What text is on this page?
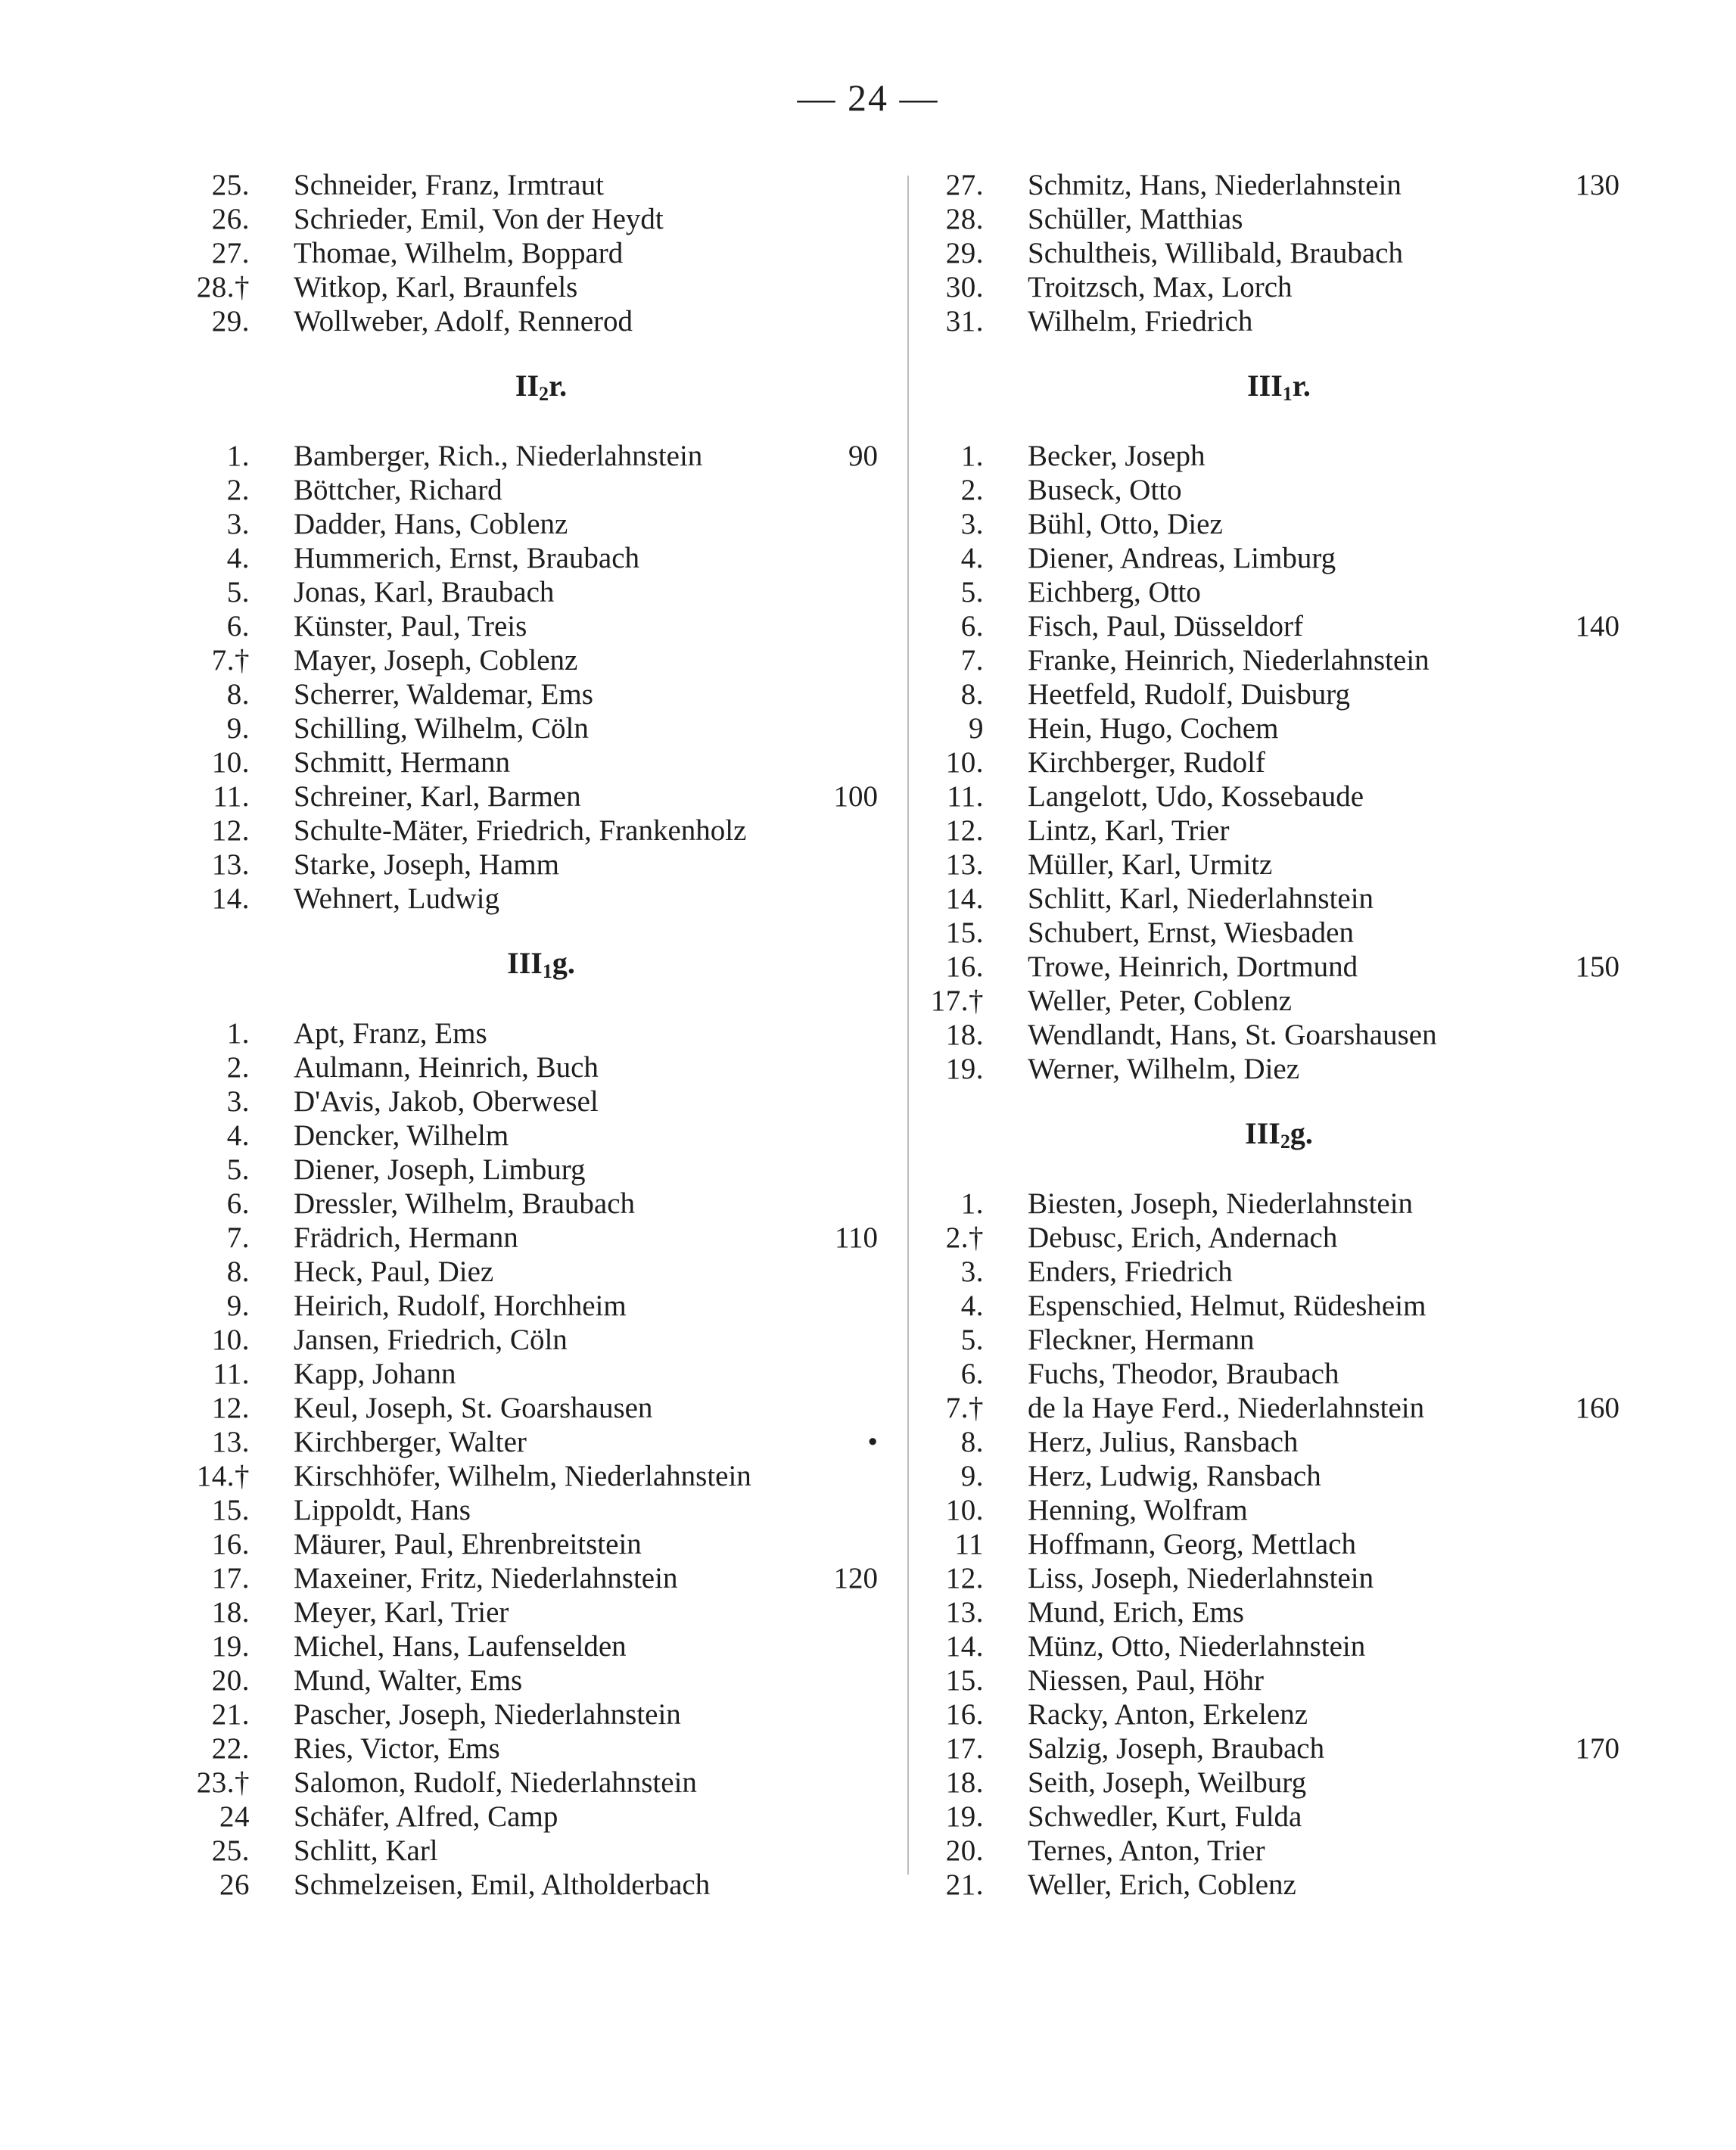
— 24 —
25. Schneider, Franz, Irmtraut
26. Schrieder, Emil, Von der Heydt
27. Thomae, Wilhelm, Boppard
28.† Witkop, Karl, Braunfels
29. Wollweber, Adolf, Rennerod
$II_2r$.
1. Bamberger, Rich., Niederlahnstein	90
2. Böttcher, Richard
3. Dadder, Hans, Coblenz
4. Hummerich, Ernst, Braubach
5. Jonas, Karl, Braubach
6. Künster, Paul, Treis
7.† Mayer, Joseph, Coblenz
8. Scherrer, Waldemar, Ems
9. Schilling, Wilhelm, Cöln
10. Schmitt, Hermann
11. Schreiner, Karl, Barmen	100
12. Schulte-Mäter, Friedrich, Frankenholz
13. Starke, Joseph, Hamm
14. Wehnert, Ludwig
$III_1g$.
1. Apt, Franz, Ems
2. Aulmann, Heinrich, Buch
3. D'Avis, Jakob, Oberwesel
4. Dencker, Wilhelm
5. Diener, Joseph, Limburg
6. Dressler, Wilhelm, Braubach
7. Frädrich, Hermann	110
8. Heck, Paul, Diez
9. Heirich, Rudolf, Horchheim
10. Jansen, Friedrich, Cöln
11. Kapp, Johann
12. Keul, Joseph, St. Goarshausen
13. Kirchberger, Walter	•
14.† Kirschhöfer, Wilhelm, Niederlahnstein
15. Lippoldt, Hans
16. Mäurer, Paul, Ehrenbreitstein
17. Maxeiner, Fritz, Niederlahnstein	120
18. Meyer, Karl, Trier
19. Michel, Hans, Laufenselden
20. Mund, Walter, Ems
21. Pascher, Joseph, Niederlahnstein
22. Ries, Victor, Ems
23.† Salomon, Rudolf, Niederlahnstein
24 Schäfer, Alfred, Camp
25. Schlitt, Karl
26 Schmelzeisen, Emil, Altholderbach
27. Schmitz, Hans, Niederlahnstein	130
28. Schüller, Matthias
29. Schultheis, Willibald, Braubach
30. Troitzsch, Max, Lorch
31. Wilhelm, Friedrich
$III_1r$.
1. Becker, Joseph
2. Buseck, Otto
3. Bühl, Otto, Diez
4. Diener, Andreas, Limburg
5. Eichberg, Otto
6. Fisch, Paul, Düsseldorf	140
7. Franke, Heinrich, Niederlahnstein
8. Heetfeld, Rudolf, Duisburg
9 Hein, Hugo, Cochem
10. Kirchberger, Rudolf
11. Langelott, Udo, Kossebaude
12. Lintz, Karl, Trier
13. Müller, Karl, Urmitz
14. Schlitt, Karl, Niederlahnstein
15. Schubert, Ernst, Wiesbaden
16. Trowe, Heinrich, Dortmund	150
17.† Weller, Peter, Coblenz
18. Wendlandt, Hans, St. Goarshausen
19. Werner, Wilhelm, Diez
$III_2g$.
1. Biesten, Joseph, Niederlahnstein
2.† Debusc, Erich, Andernach
3. Enders, Friedrich
4. Espenschied, Helmut, Rüdesheim
5. Fleckner, Hermann
6. Fuchs, Theodor, Braubach
7.† de la Haye Ferd., Niederlahnstein	160
8. Herz, Julius, Ransbach
9. Herz, Ludwig, Ransbach
10. Henning, Wolfram
11 Hoffmann, Georg, Mettlach
12. Liss, Joseph, Niederlahnstein
13. Mund, Erich, Ems
14. Münz, Otto, Niederlahnstein
15. Niessen, Paul, Höhr
16. Racky, Anton, Erkelenz
17. Salzig, Joseph, Braubach	170
18. Seith, Joseph, Weilburg
19. Schwedler, Kurt, Fulda
20. Ternes, Anton, Trier
21. Weller, Erich, Coblenz
